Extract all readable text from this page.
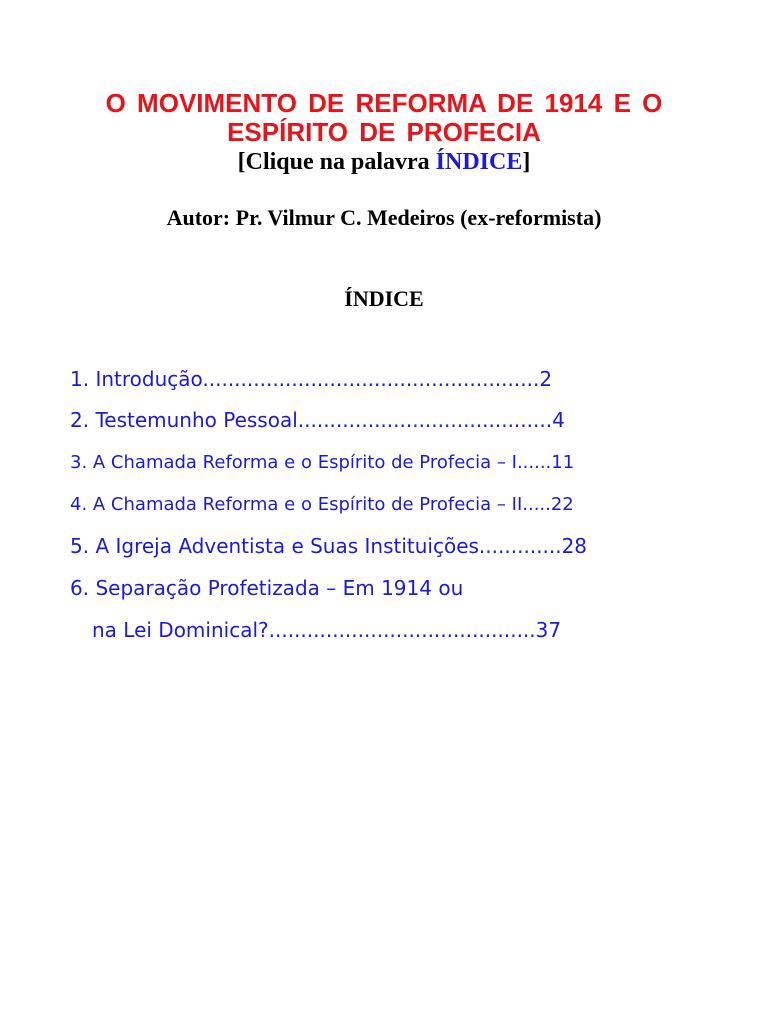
O MOVIMENTO DE REFORMA DE 1914 E O
ESPÍRITO DE PROFECIA
[Clique na palavra ÍNDICE]
Autor: Pr. Vilmur C. Medeiros (ex-reformista)
ÍNDICE
1. Introdução.....................................................2
2. Testemunho Pessoal........................................4
3. A Chamada Reforma e o Espírito de Profecia – I......11
4. A Chamada Reforma e o Espírito de Profecia – II.....22
5. A Igreja Adventista e Suas Instituições.............28
6. Separação Profetizada – Em 1914 ou
na Lei Dominical?..........................................37
